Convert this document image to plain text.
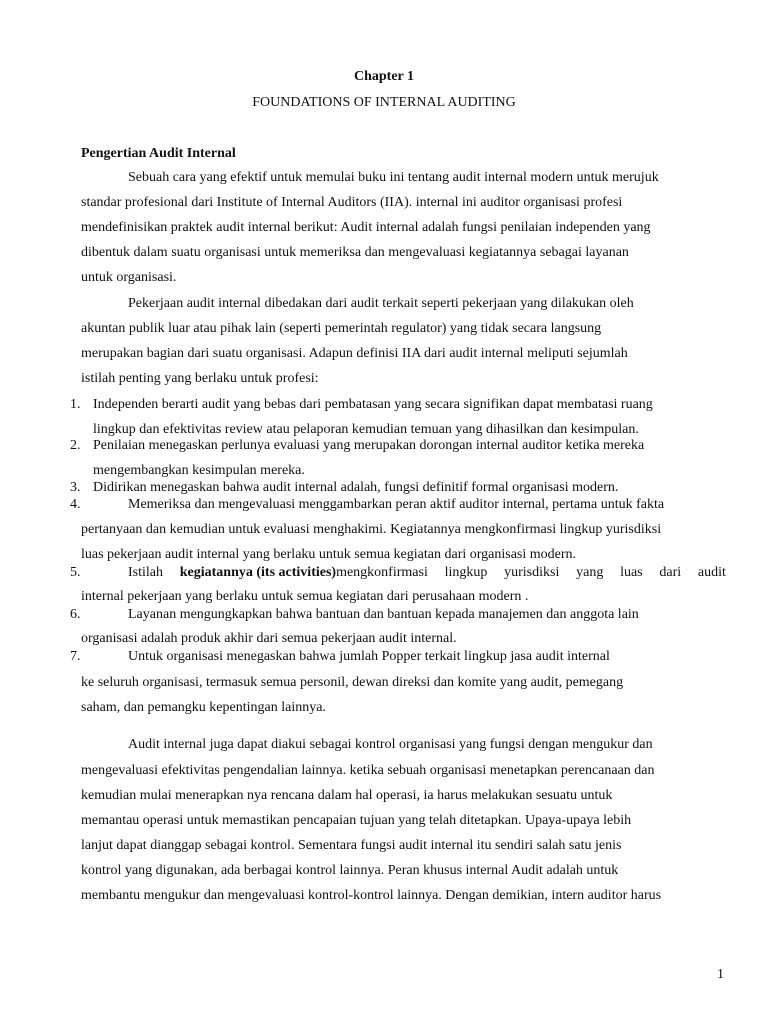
Chapter 1
FOUNDATIONS OF INTERNAL AUDITING
Pengertian Audit Internal
Sebuah cara yang efektif untuk memulai buku ini tentang audit internal modern untuk merujuk
standar profesional dari Institute of Internal Auditors (IIA). internal ini auditor organisasi profesi
mendefinisikan praktek audit internal berikut: Audit internal adalah fungsi penilaian independen yang
dibentuk dalam suatu organisasi untuk memeriksa dan mengevaluasi kegiatannya sebagai layanan
untuk organisasi.
Pekerjaan audit internal dibedakan dari audit terkait seperti pekerjaan yang dilakukan oleh
akuntan publik luar atau pihak lain (seperti pemerintah regulator) yang tidak secara langsung
merupakan bagian dari suatu organisasi. Adapun definisi IIA dari audit internal meliputi sejumlah
istilah penting yang berlaku untuk profesi:
1. Independen berarti audit yang bebas dari pembatasan yang secara signifikan dapat membatasi ruang
lingkup dan efektivitas review atau pelaporan kemudian temuan yang dihasilkan dan kesimpulan.
2. Penilaian menegaskan perlunya evaluasi yang merupakan dorongan internal auditor ketika mereka
mengembangkan kesimpulan mereka.
3. Didirikan menegaskan bahwa audit internal adalah, fungsi definitif formal organisasi modern.
4.	Memeriksa dan mengevaluasi menggambarkan peran aktif auditor internal, pertama untuk fakta
pertanyaan dan kemudian untuk evaluasi menghakimi. Kegiatannya mengkonfirmasi lingkup yurisdiksi
luas pekerjaan audit internal yang berlaku untuk semua kegiatan dari organisasi modern.
5.	Istilah kegiatannya (its activities)mengkonfirmasi lingkup yurisdiksi yang luas dari audit
internal pekerjaan yang berlaku untuk semua kegiatan dari perusahaan modern .
6.	Layanan mengungkapkan bahwa bantuan dan bantuan kepada manajemen dan anggota lain
organisasi adalah produk akhir dari semua pekerjaan audit internal.
7.	Untuk organisasi menegaskan bahwa jumlah Popper terkait lingkup jasa audit internal
ke seluruh organisasi, termasuk semua personil, dewan direksi dan komite yang audit, pemegang
saham, dan pemangku kepentingan lainnya.
Audit internal juga dapat diakui sebagai kontrol organisasi yang fungsi dengan mengukur dan
mengevaluasi efektivitas pengendalian lainnya. ketika sebuah organisasi menetapkan perencanaan dan
kemudian mulai menerapkan nya rencana dalam hal operasi, ia harus melakukan sesuatu untuk
memantau operasi untuk memastikan pencapaian tujuan yang telah ditetapkan. Upaya-upaya lebih
lanjut dapat dianggap sebagai kontrol. Sementara fungsi audit internal itu sendiri salah satu jenis
kontrol yang digunakan, ada berbagai kontrol lainnya. Peran khusus internal Audit adalah untuk
membantu mengukur dan mengevaluasi kontrol-kontrol lainnya. Dengan demikian, intern auditor harus
1
